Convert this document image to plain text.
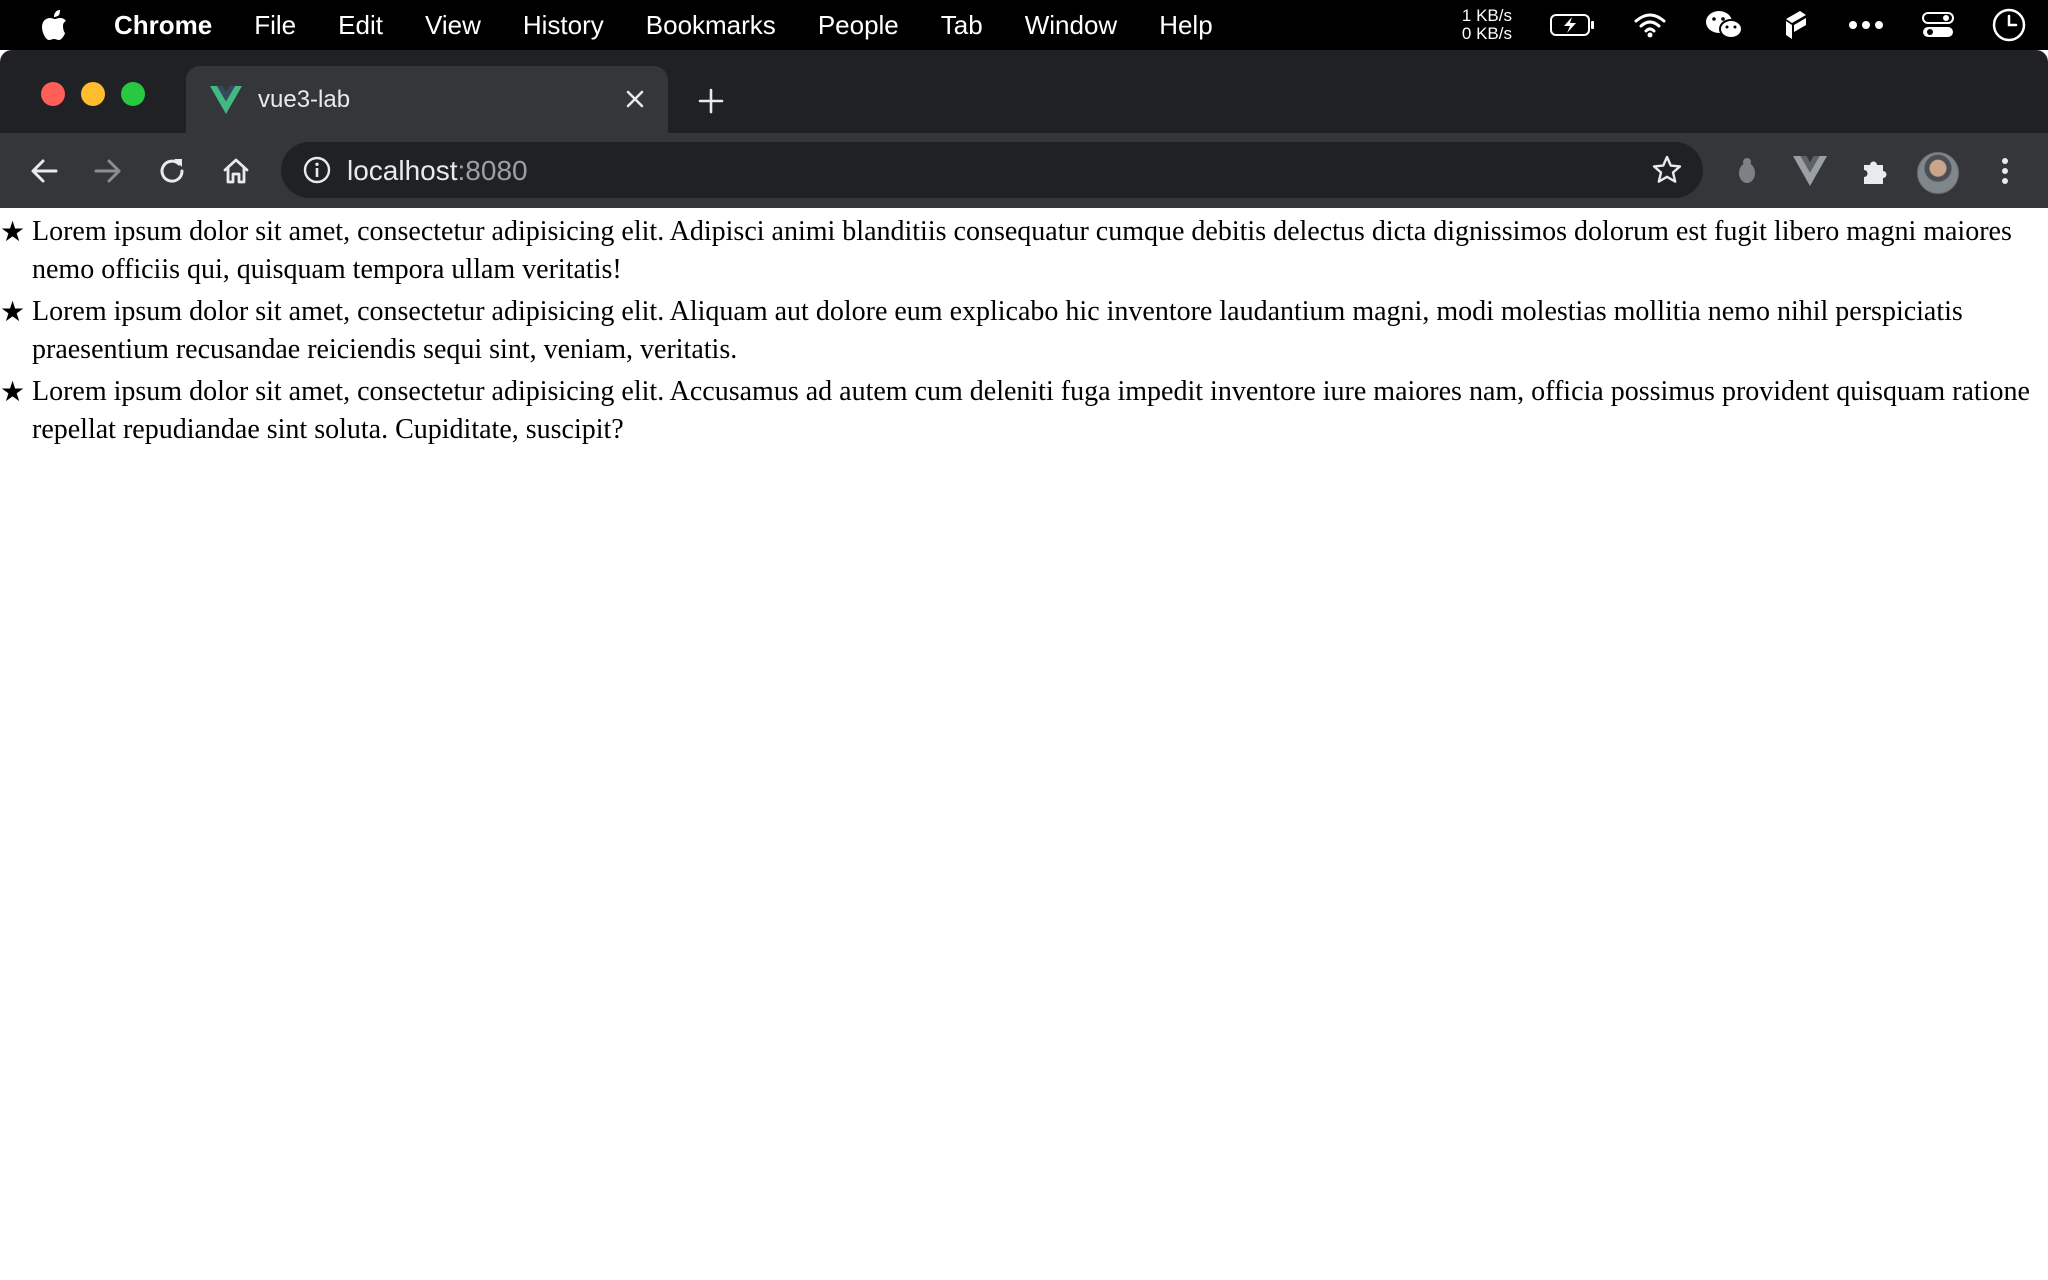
Chrome File Edit View History Bookmarks People Tab Window Help	1 KB/s
0 KB/s
vue3-lab
localhost:8080
★ Lorem ipsum dolor sit amet, consectetur adipisicing elit. Adipisci animi blanditiis consequatur cumque debitis delectus dicta dignissimos dolorum est fugit libero magni maiores nemo officiis qui, quisquam tempora ullam veritatis!
★ Lorem ipsum dolor sit amet, consectetur adipisicing elit. Aliquam aut dolore eum explicabo hic inventore laudantium magni, modi molestias mollitia nemo nihil perspiciatis praesentium recusandae reiciendis sequi sint, veniam, veritatis.
★ Lorem ipsum dolor sit amet, consectetur adipisicing elit. Accusamus ad autem cum deleniti fuga impedit inventore iure maiores nam, officia possimus provident quisquam ratione repellat repudiandae sint soluta. Cupiditate, suscipit?
